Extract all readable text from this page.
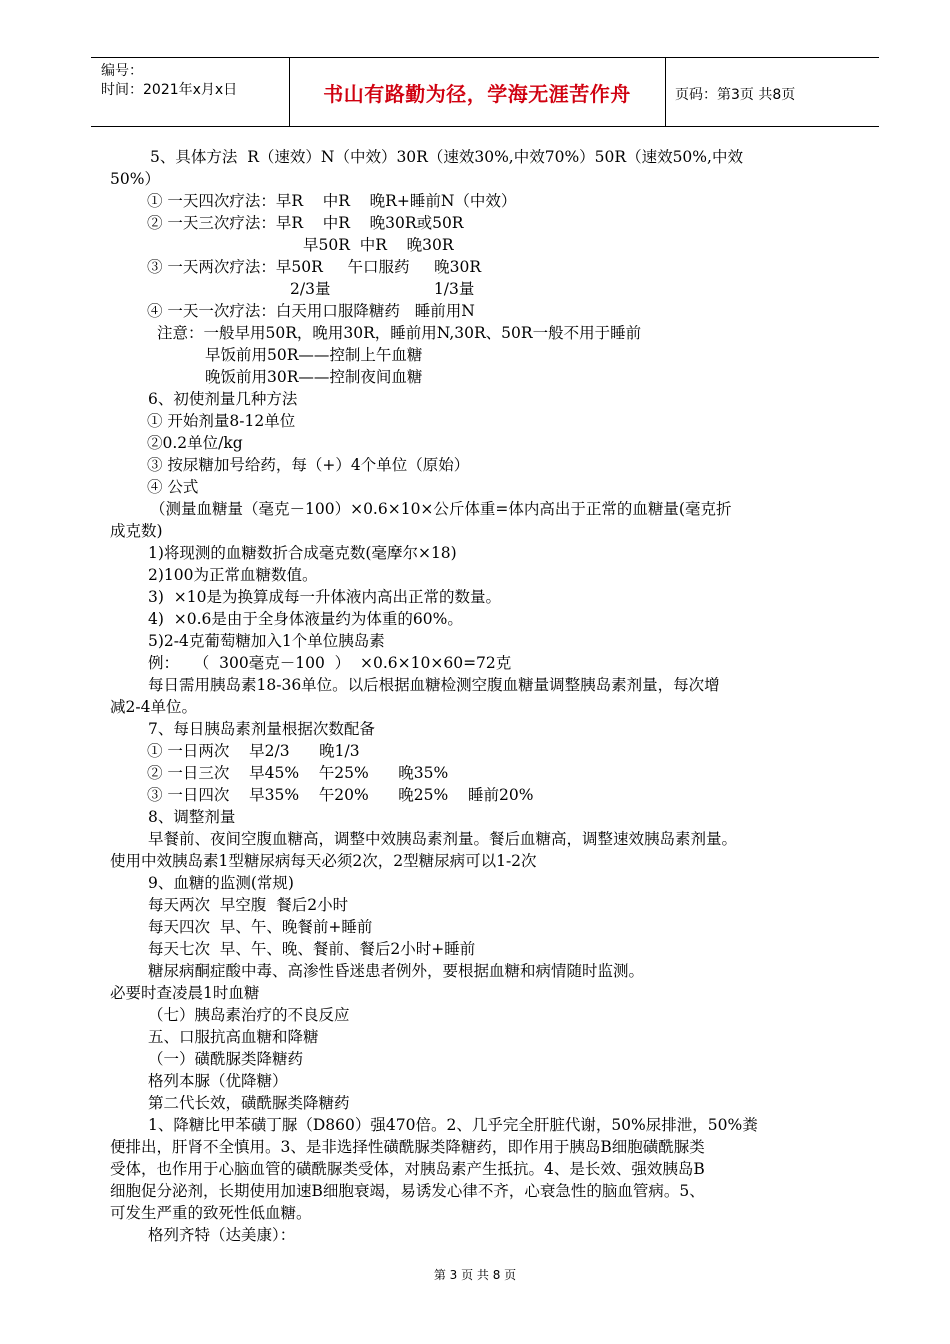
编号：
时间：2021年x月x日	书山有路勤为径，学海无涯苦作舟	页码：第3页 共8页
5、具体方法  R（速效）N（中效）30R（速效30%,中效70%）50R（速效50%,中效
50%）
① 一天四次疗法：早R    中R    晚R+睡前N（中效）
② 一天三次疗法：早R    中R    晚30R或50R
早50R  中R    晚30R
③ 一天两次疗法：早50R     午口服药     晚30R
2/3量                     1/3量
④ 一天一次疗法：白天用口服降糖药   睡前用N
注意：一般早用50R，晚用30R，睡前用N,30R、50R一般不用于睡前
早饭前用50R——控制上午血糖
晚饭前用30R——控制夜间血糖
6、初使剂量几种方法
① 开始剂量8-12单位
②0.2单位/kg
③ 按尿糖加号给药，每（+）4个单位（原始）
④ 公式
（测量血糖量（毫克－100）×0.6×10×公斤体重=体内高出于正常的血糖量(毫克折
成克数)
1)将现测的血糖数折合成毫克数(毫摩尔×18)
2)100为正常血糖数值。
3)  ×10是为换算成每一升体液内高出正常的数量。
4)  ×0.6是由于全身体液量约为体重的60%。
5)2-4克葡萄糖加入1个单位胰岛素
例：   （  300毫克－100  ）  ×0.6×10×60=72克
每日需用胰岛素18-36单位。以后根据血糖检测空腹血糖量调整胰岛素剂量，每次增
减2-4单位。
7、每日胰岛素剂量根据次数配备
① 一日两次    早2/3      晚1/3
② 一日三次    早45%    午25%      晚35%
③ 一日四次    早35%    午20%      晚25%    睡前20%
8、调整剂量
早餐前、夜间空腹血糖高，调整中效胰岛素剂量。餐后血糖高，调整速效胰岛素剂量。
使用中效胰岛素1型糖尿病每天必须2次，2型糖尿病可以1-2次
9、血糖的监测(常规)
每天两次  早空腹  餐后2小时
每天四次  早、午、晚餐前+睡前
每天七次  早、午、晚、餐前、餐后2小时+睡前
糖尿病酮症酸中毒、高渗性昏迷患者例外，要根据血糖和病情随时监测。
必要时查凌晨1时血糖
（七）胰岛素治疗的不良反应
五、口服抗高血糖和降糖
（一）磺酰脲类降糖药
格列本脲（优降糖）
第二代长效，磺酰脲类降糖药
1、降糖比甲苯磺丁脲（D860）强470倍。2、几乎完全肝脏代谢，50%尿排泄，50%粪
便排出，肝肾不全慎用。3、是非选择性磺酰脲类降糖药，即作用于胰岛B细胞磺酰脲类
受体，也作用于心脑血管的磺酰脲类受体，对胰岛素产生抵抗。4、是长效、强效胰岛B
细胞促分泌剂，长期使用加速B细胞衰竭，易诱发心律不齐，心衰急性的脑血管病。5、
可发生严重的致死性低血糖。
格列齐特（达美康）：
第 3 页 共 8 页
